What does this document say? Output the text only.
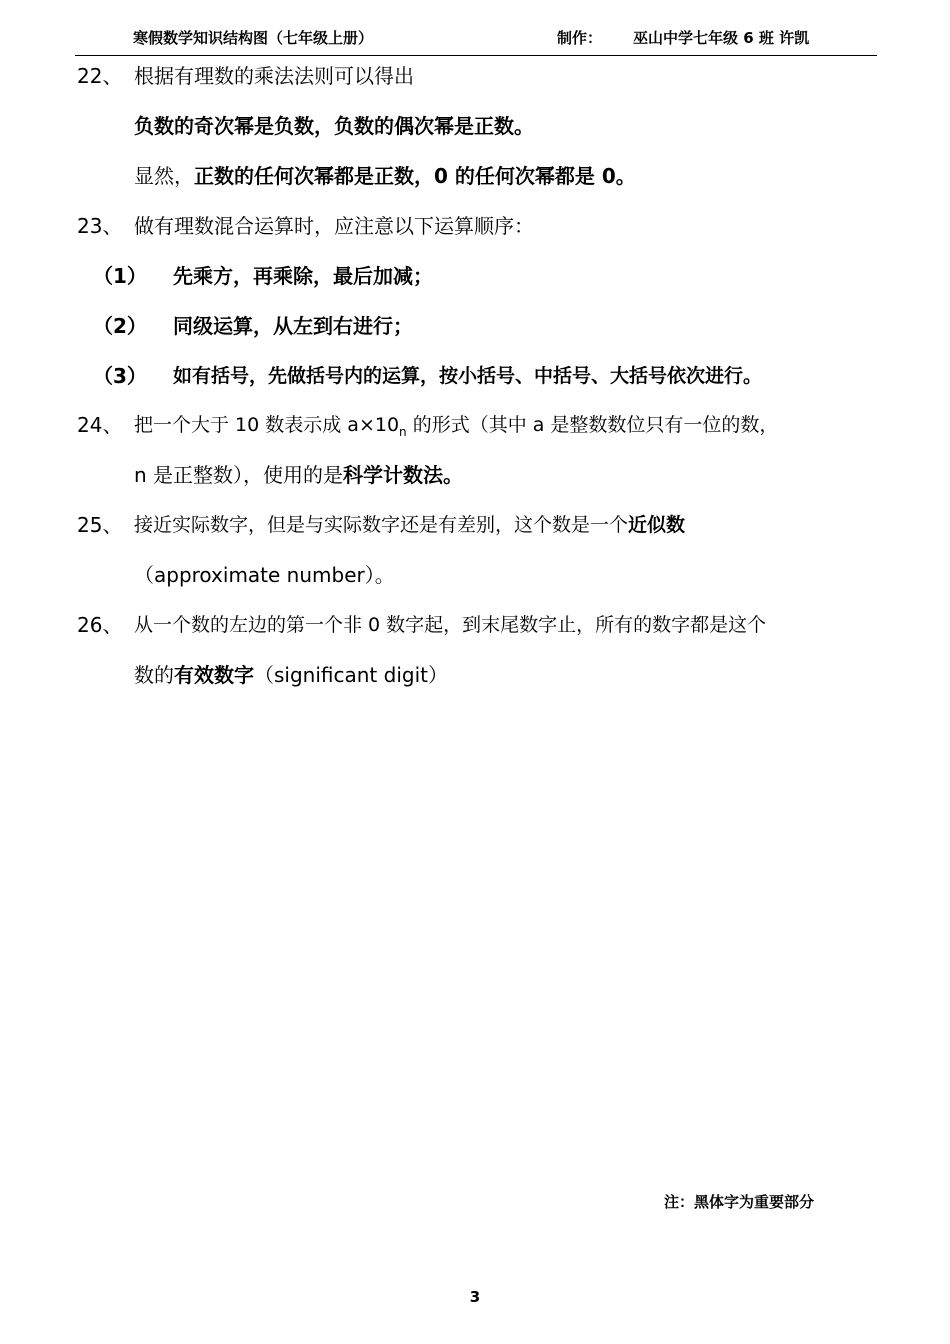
寒假数学知识结构图（七年级上册）	制作： 巫山中学七年级 6 班 许凯
22、 根据有理数的乘法法则可以得出
负数的奇次幂是负数，负数的偶次幂是正数。
显然，正数的任何次幂都是正数，0 的任何次幂都是 0。
23、 做有理数混合运算时，应注意以下运算顺序：
（1） 先乘方，再乘除，最后加减；
（2） 同级运算，从左到右进行；
（3） 如有括号，先做括号内的运算，按小括号、中括号、大括号依次进行。
24、 把一个大于 10 数表示成 $a\times 10_n$ 的形式（其中 a 是整数数位只有一位的数，
n 是正整数），使用的是科学计数法。
25、 接近实际数字，但是与实际数字还是有差别，这个数是一个近似数
（approximate number）。
26、 从一个数的左边的第一个非 0 数字起，到末尾数字止，所有的数字都是这个
数的有效数字（significant digit）
注：黑体字为重要部分
3
